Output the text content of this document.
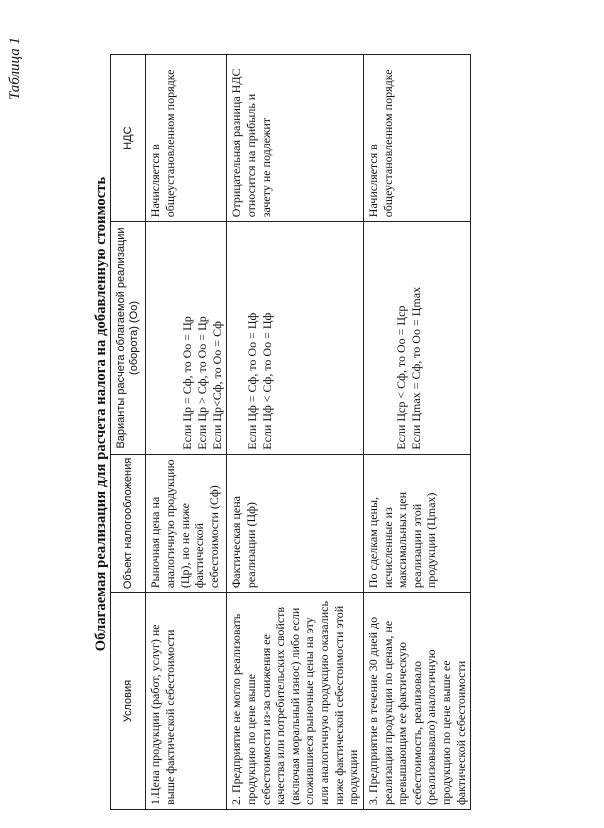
Таблица 1
Облагаемая реализация для расчета налога на добавленную стоимость
Условия	Объект налогообложения	Варианты расчета облагаемой реализации (оборота) (Оо)	НДС
1.Цена продукции (работ, услуг) не выше фактической себестоимости	Рыночная цена на аналогичную продукцию (Цр), но не ниже фактической себестоимости (Сф)	Если Цр = Сф, то Оо = Цр Если Цр > Сф, то Оо = Цр Если Цр<Сф, то Оо = Сф	Начисляется в общеустановленном порядке
2. Предприятие не могло реализовать продукцию по цене выше себестоимости из-за снижения ее качества или потребительских свойств (включая моральный износ) либо если сложившиеся рыночные цены на эту или аналогичную продукцию оказались ниже фактической себестоимости этой продукции	Фактическая цена реализации (Цф)	Если Цф = Сф, то Оо = Цф Если Цф < Сф, то Оо = Цф	Отрицательная разница НДС относится на прибыль и зачету не подлежит
3. Предприятие в течение 30 дней до реализации продукции по ценам, не превышающим ее фактическую себестоимость, реализовало (реализовывало) аналогичную продукцию по цене выше ее фактической себестоимости	По сделкам цены, исчисленные из максимальных цен реализации этой продукции (Цmax)	Если Цср < Сф, то Оо = Цср Если Цmax = Сф, то Оо = Цmax	Начисляется в общеустановленном порядке
